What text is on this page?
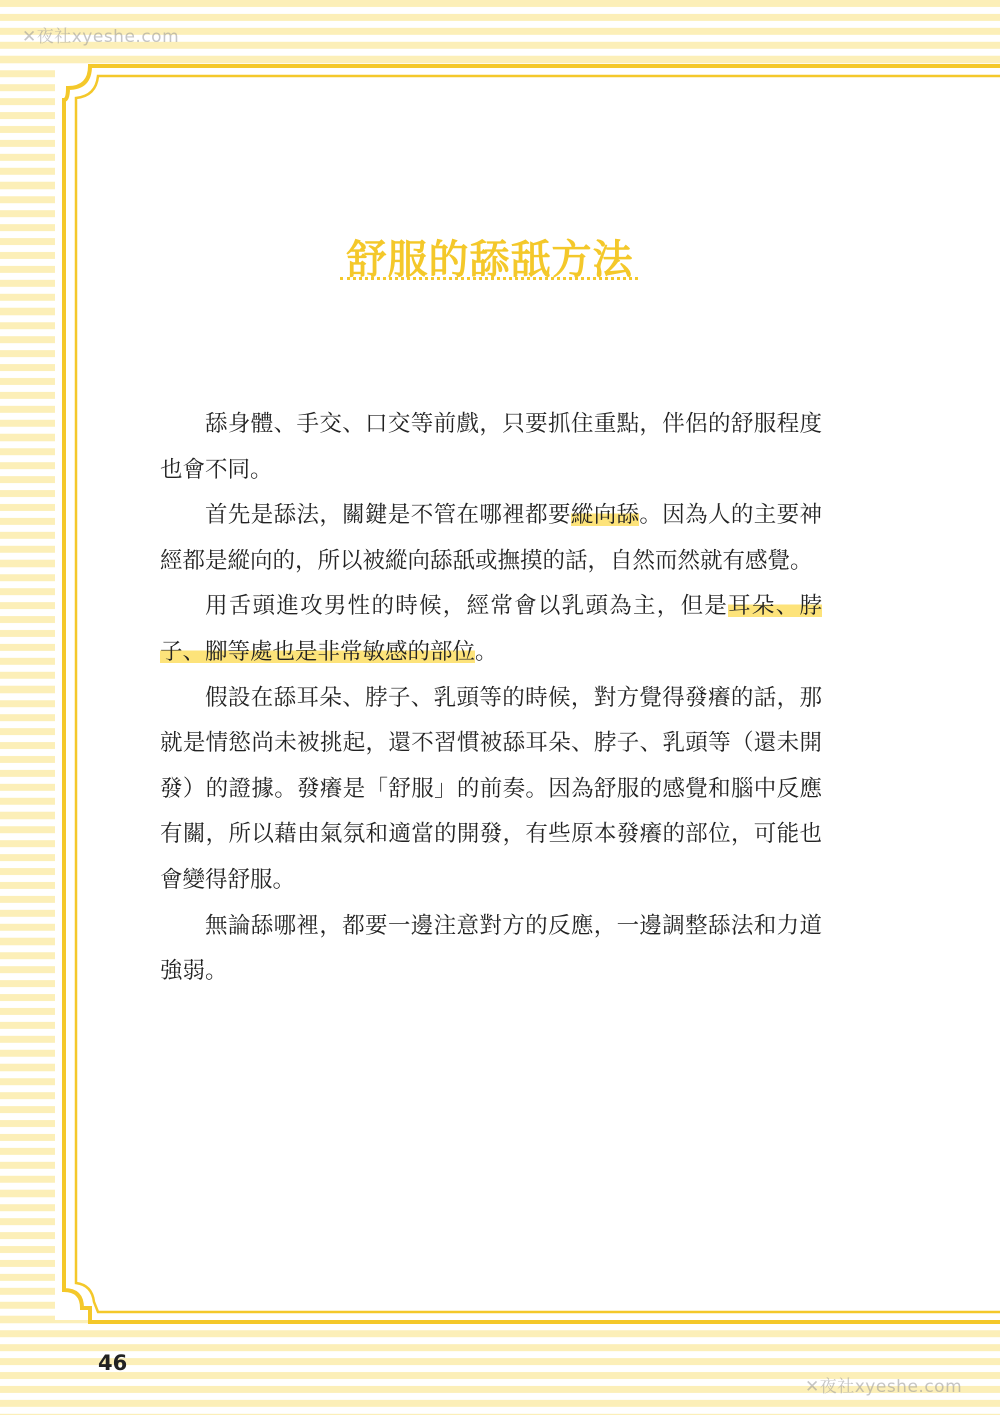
✕夜社xyeshe.com
舒服的舔舐方法

舔身體、手交、口交等前戲，只要抓住重點，伴侶的舒服程度也會不同。

首先是舔法，關鍵是不管在哪裡都要縱向舔。因為人的主要神經都是縱向的，所以被縱向舔舐或撫摸的話，自然而然就有感覺。

用舌頭進攻男性的時候，經常會以乳頭為主，但是耳朵、脖子、腳等處也是非常敏感的部位。

假設在舔耳朵、脖子、乳頭等的時候，對方覺得發癢的話，那就是情慾尚未被挑起，還不習慣被舔耳朵、脖子、乳頭等（還未開發）的證據。發癢是「舒服」的前奏。因為舒服的感覺和腦中反應有關，所以藉由氣氛和適當的開發，有些原本發癢的部位，可能也會變得舒服。

無論舔哪裡，都要一邊注意對方的反應，一邊調整舔法和力道強弱。

46
✕夜社xyeshe.com
